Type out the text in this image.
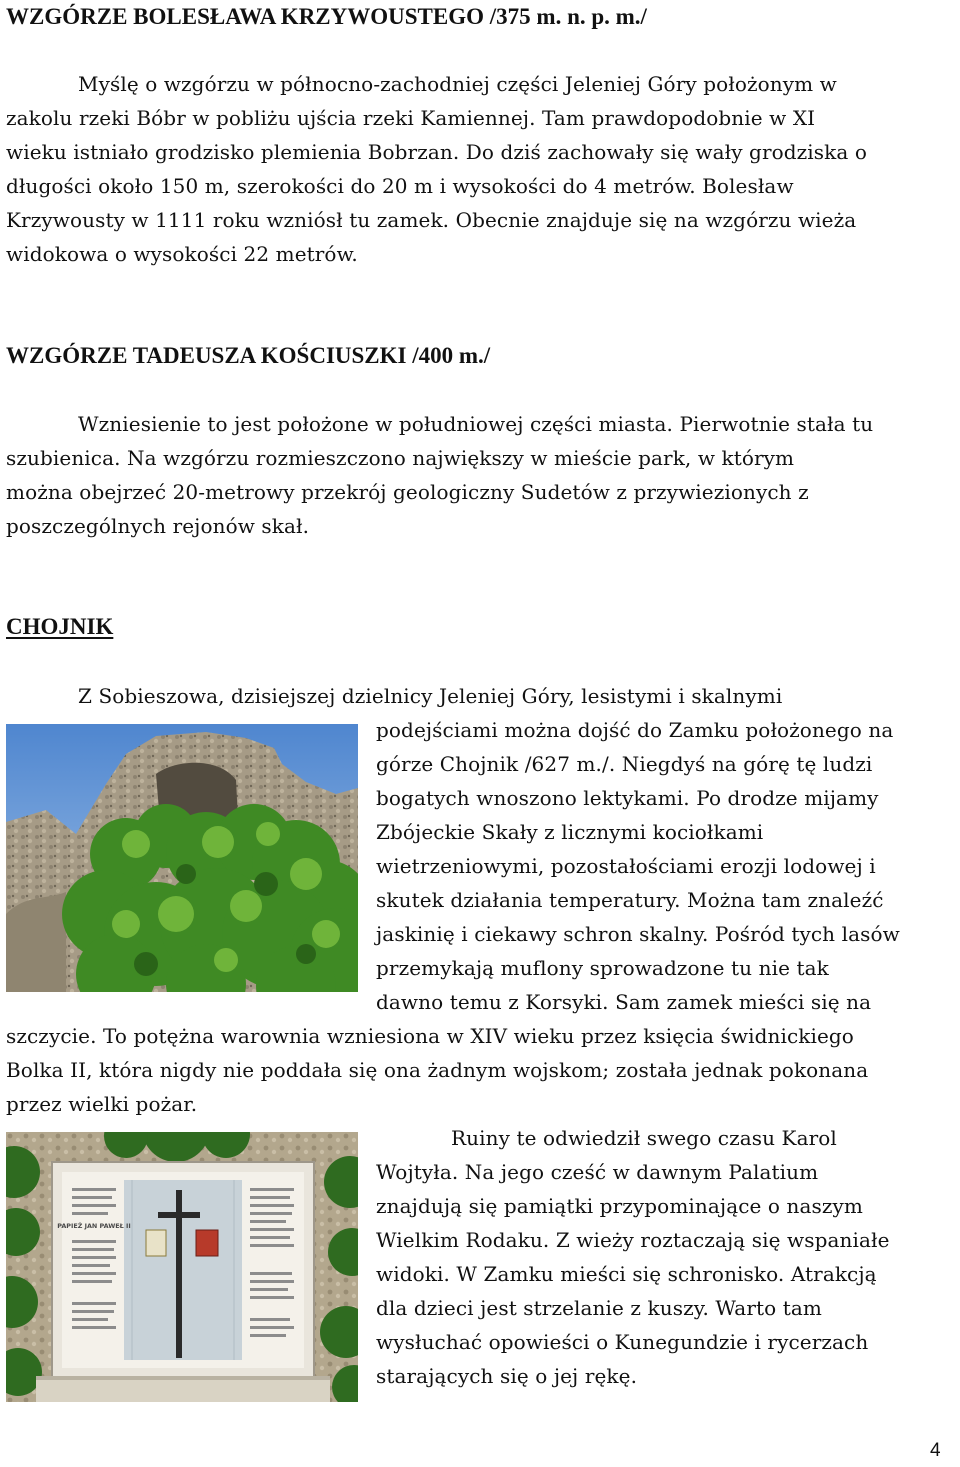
WZGÓRZE BOLESŁAWA KRZYWOUSTEGO /375 m. n. p. m./
Myślę o wzgórzu w północno-zachodniej części Jeleniej Góry położonym w
zakolu rzeki Bóbr w pobliżu ujścia rzeki Kamiennej. Tam prawdopodobnie w XI
wieku istniało grodzisko plemienia Bobrzan. Do dziś zachowały się wały grodziska o
długości około 150 m, szerokości do 20 m i wysokości do 4 metrów. Bolesław
Krzywousty w 1111 roku wzniósł tu zamek. Obecnie znajduje się na wzgórzu wieża
widokowa o wysokości 22 metrów.
WZGÓRZE TADEUSZA KOŚCIUSZKI /400 m./
Wzniesienie to jest położone w południowej części miasta. Pierwotnie stała tu
szubienica. Na wzgórzu rozmieszczono największy w mieście park, w którym
można obejrzeć 20-metrowy przekrój geologiczny Sudetów z przywiezionych z
poszczególnych rejonów skał.
CHOJNIK
Z Sobieszowa, dzisiejszej dzielnicy Jeleniej Góry, lesistymi i skalnymi
podejściami można dojść do Zamku położonego na
górze Chojnik /627 m./. Niegdyś na górę tę ludzi
bogatych wnoszono lektykami. Po drodze mijamy
Zbójeckie Skały z licznymi kociołkami
wietrzeniowymi, pozostałościami erozji lodowej i
skutek działania temperatury. Można tam znaleźć
jaskinię i ciekawy schron skalny. Pośród tych lasów
przemykają muflony sprowadzone tu nie tak
dawno temu z Korsyki. Sam zamek mieści się na
szczycie. To potężna warownia wzniesiona w XIV wieku przez księcia świdnickiego
Bolka II, która nigdy nie poddała się ona żadnym wojskom; została jednak pokonana
przez wielki pożar.
PAPIEŻ JAN PAWEŁ II
Ruiny te odwiedził swego czasu Karol
Wojtyła. Na jego cześć w dawnym Palatium
znajdują się pamiątki przypominające o naszym
Wielkim Rodaku. Z wieży roztaczają się wspaniałe
widoki. W Zamku mieści się schronisko. Atrakcją
dla dzieci jest strzelanie z kuszy. Warto tam
wysłuchać opowieści o Kunegundzie i rycerzach
starających się o jej rękę.
4
